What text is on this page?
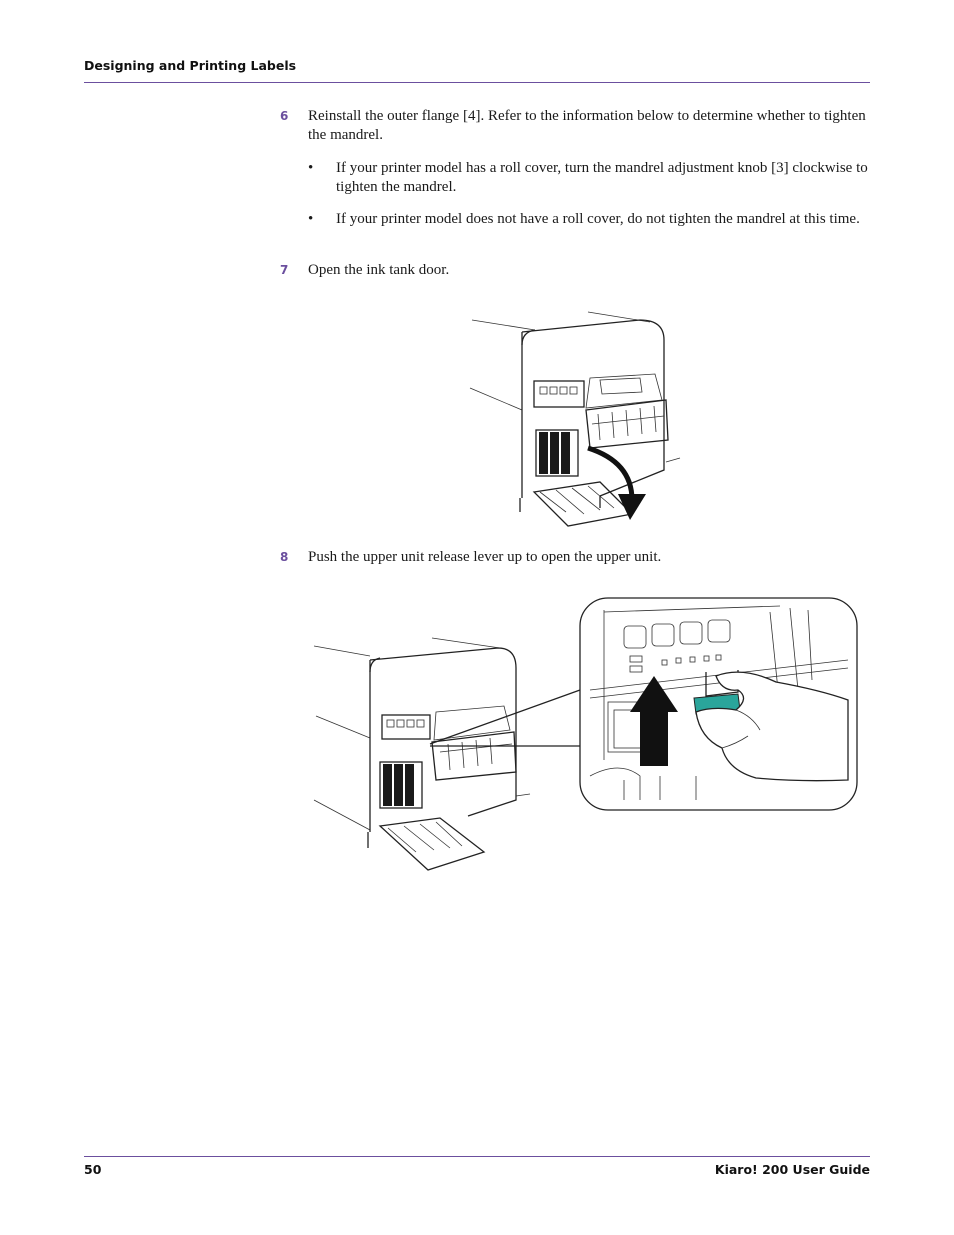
Designing and Printing Labels
6	Reinstall the outer flange [4]. Refer to the information below to determine whether to tighten the mandrel.
• If your printer model has a roll cover, turn the mandrel adjustment knob [3] clockwise to tighten the mandrel.
• If your printer model does not have a roll cover, do not tighten the mandrel at this time.
7	Open the ink tank door.
8	Push the upper unit release lever up to open the upper unit.
50	Kiaro! 200 User Guide
